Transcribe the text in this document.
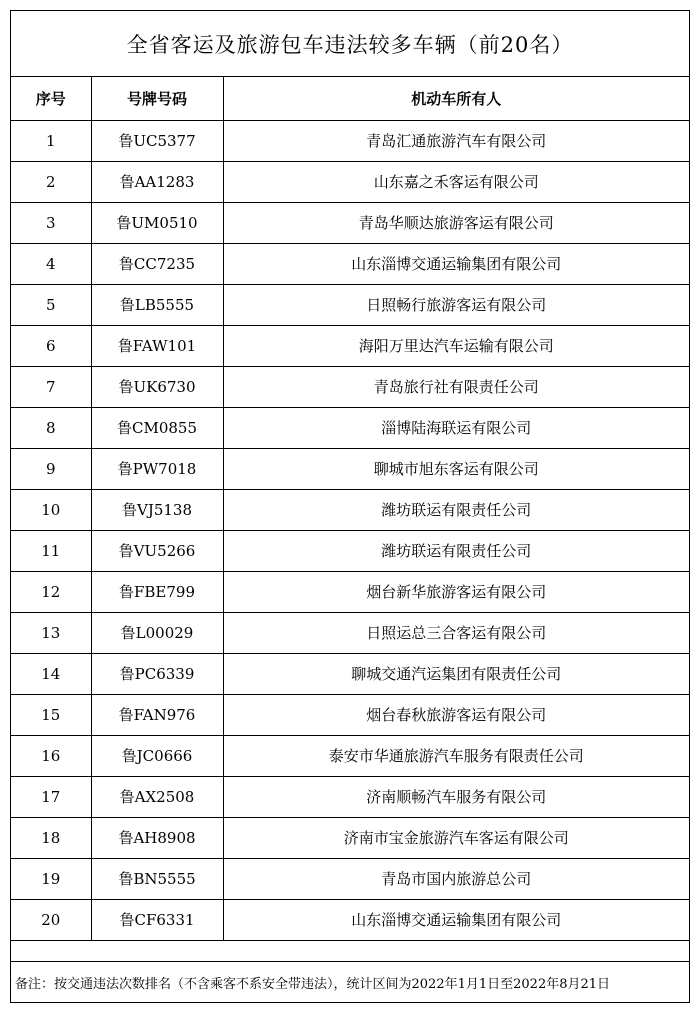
全省客运及旅游包车违法较多车辆（前20名）
序号	号牌号码	机动车所有人
1	鲁UC5377	青岛汇通旅游汽车有限公司
2	鲁AA1283	山东嘉之禾客运有限公司
3	鲁UM0510	青岛华顺达旅游客运有限公司
4	鲁CC7235	山东淄博交通运输集团有限公司
5	鲁LB5555	日照畅行旅游客运有限公司
6	鲁FAW101	海阳万里达汽车运输有限公司
7	鲁UK6730	青岛旅行社有限责任公司
8	鲁CM0855	淄博陆海联运有限公司
9	鲁PW7018	聊城市旭东客运有限公司
10	鲁VJ5138	潍坊联运有限责任公司
11	鲁VU5266	潍坊联运有限责任公司
12	鲁FBE799	烟台新华旅游客运有限公司
13	鲁L00029	日照运总三合客运有限公司
14	鲁PC6339	聊城交通汽运集团有限责任公司
15	鲁FAN976	烟台春秋旅游客运有限公司
16	鲁JC0666	泰安市华通旅游汽车服务有限责任公司
17	鲁AX2508	济南顺畅汽车服务有限公司
18	鲁AH8908	济南市宝金旅游汽车客运有限公司
19	鲁BN5555	青岛市国内旅游总公司
20	鲁CF6331	山东淄博交通运输集团有限公司
备注：按交通违法次数排名（不含乘客不系安全带违法），统计区间为2022年1月1日至2022年8月21日
